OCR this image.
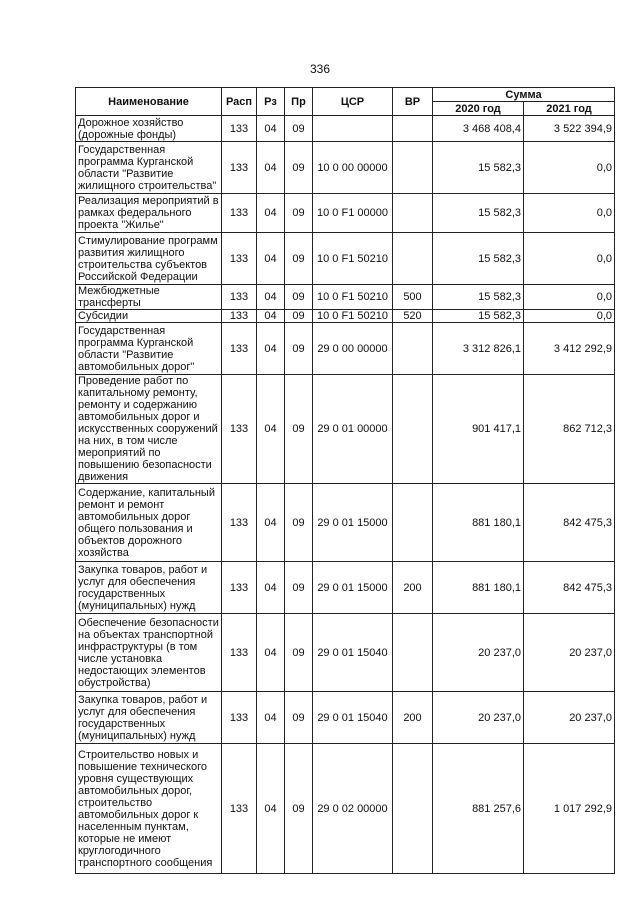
336
Наименование	Расп	Рз	Пр	ЦСР	ВР	Сумма	
						2020 год	2021 год
Дорожное хозяйство (дорожные фонды)	133	04	09			3 468 408,4	3 522 394,9
Государственная программа Курганской области "Развитие жилищного строительства"	133	04	09	10 0 00 00000		15 582,3	0,0
Реализация мероприятий в рамках федерального проекта "Жилье"	133	04	09	10 0 F1 00000		15 582,3	0,0
Стимулирование программ развития жилищного строительства субъектов Российской Федерации	133	04	09	10 0 F1 50210		15 582,3	0,0
Межбюджетные трансферты	133	04	09	10 0 F1 50210	500	15 582,3	0,0
Субсидии	133	04	09	10 0 F1 50210	520	15 582,3	0,0
Государственная программа Курганской области "Развитие автомобильных дорог"	133	04	09	29 0 00 00000		3 312 826,1	3 412 292,9
Проведение работ по капитальному ремонту, ремонту и содержанию автомобильных дорог и искусственных сооружений на них, в том числе мероприятий по повышению безопасности движения	133	04	09	29 0 01 00000		901 417,1	862 712,3
Содержание, капитальный ремонт и ремонт автомобильных дорог общего пользования и объектов дорожного хозяйства	133	04	09	29 0 01 15000		881 180,1	842 475,3
Закупка товаров, работ и услуг для обеспечения государственных (муниципальных) нужд	133	04	09	29 0 01 15000	200	881 180,1	842 475,3
Обеспечение безопасности на объектах транспортной инфраструктуры (в том числе установка недостающих элементов обустройства)	133	04	09	29 0 01 15040		20 237,0	20 237,0
Закупка товаров, работ и услуг для обеспечения государственных (муниципальных) нужд	133	04	09	29 0 01 15040	200	20 237,0	20 237,0
Строительство новых и повышение технического уровня существующих автомобильных дорог, строительство автомобильных дорог к населенным пунктам, которые не имеют круглогодичного транспортного сообщения	133	04	09	29 0 02 00000		881 257,6	1 017 292,9
